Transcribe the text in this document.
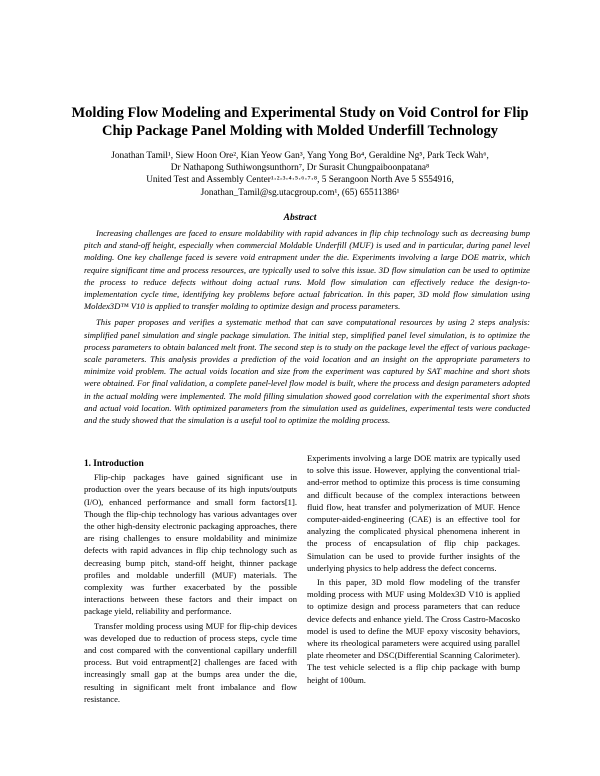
Molding Flow Modeling and Experimental Study on Void Control for Flip Chip Package Panel Molding with Molded Underfill Technology
Jonathan Tamil¹, Siew Hoon Ore², Kian Yeow Gan³, Yang Yong Bo⁴, Geraldine Ng⁵, Park Teck Wah⁶,
Dr Nathapong Suthiwongsunthorn⁷, Dr Surasit Chungpaiboonpatana⁸
United Test and Assembly Center¹·²·³·⁴·⁵·⁶·⁷·⁸, 5 Serangoon North Ave 5 S554916,
Jonathan_Tamil@sg.utacgroup.com¹, (65) 65511386¹
Abstract

Increasing challenges are faced to ensure moldability with rapid advances in flip chip technology such as decreasing bump pitch and stand-off height, especially when commercial Moldable Underfill (MUF) is used and in particular, during panel level molding. One key challenge faced is severe void entrapment under the die. Experiments involving a large DOE matrix, which require significant time and process resources, are typically used to solve this issue. 3D flow simulation can be used to optimize the process to reduce defects without doing actual runs. Mold flow simulation can effectively reduce the design-to-implementation cycle time, identifying key problems before actual fabrication. In this paper, 3D mold flow simulation using Moldex3D™ V10 is applied to transfer molding to optimize design and process parameters.

This paper proposes and verifies a systematic method that can save computational resources by using 2 steps analysis: simplified panel simulation and single package simulation. The initial step, simplified panel level simulation, is to optimize the process parameters to obtain balanced melt front. The second step is to study on the package level the effect of various package-scale parameters. This analysis provides a prediction of the void location and an insight on the appropriate parameters to minimize void problem. The actual voids location and size from the experiment was captured by SAT machine and short shots were obtained. For final validation, a complete panel-level flow model is built, where the process and design parameters adopted in the actual molding were implemented. The mold filling simulation showed good correlation with the experimental short shots and actual void location. With optimized parameters from the simulation used as guidelines, experimental tests were conducted and the study showed that the simulation is a useful tool to optimize the molding process.

1. Introduction

Flip-chip packages have gained significant use in production over the years because of its high inputs/outputs (I/O), enhanced performance and small form factors[1]. Though the flip-chip technology has various advantages over the other high-density electronic packaging approaches, there are rising challenges to ensure moldability and minimize defects with rapid advances in flip chip technology such as decreasing bump pitch, stand-off height, thinner package profiles and moldable underfill (MUF) materials. The complexity was further exacerbated by the possible interactions between these factors and their impact on package yield, reliability and performance.

Transfer molding process using MUF for flip-chip devices was developed due to reduction of process steps, cycle time and cost compared with the conventional capillary underfill process. But void entrapment[2] challenges are faced with increasingly small gap at the bumps area under the die, resulting in significant melt front imbalance and flow resistance.

Experiments involving a large DOE matrix are typically used to solve this issue. However, applying the conventional trial-and-error method to optimize this process is time consuming and difficult because of the complex interactions between fluid flow, heat transfer and polymerization of MUF. Hence computer-aided-engineering (CAE) is an effective tool for analyzing the complicated physical phenomena inherent in the process of encapsulation of flip chip packages. Simulation can be used to provide further insights of the underlying physics to help address the defect concerns.

In this paper, 3D mold flow modeling of the transfer molding process with MUF using Moldex3D V10 is applied to optimize design and process parameters that can reduce device defects and enhance yield. The Cross Castro-Macosko model is used to define the MUF epoxy viscosity behaviors, where its rheological parameters were acquired using parallel plate rheometer and DSC(Differential Scanning Calorimeter). The test vehicle selected is a flip chip package with bump height of 100um.
